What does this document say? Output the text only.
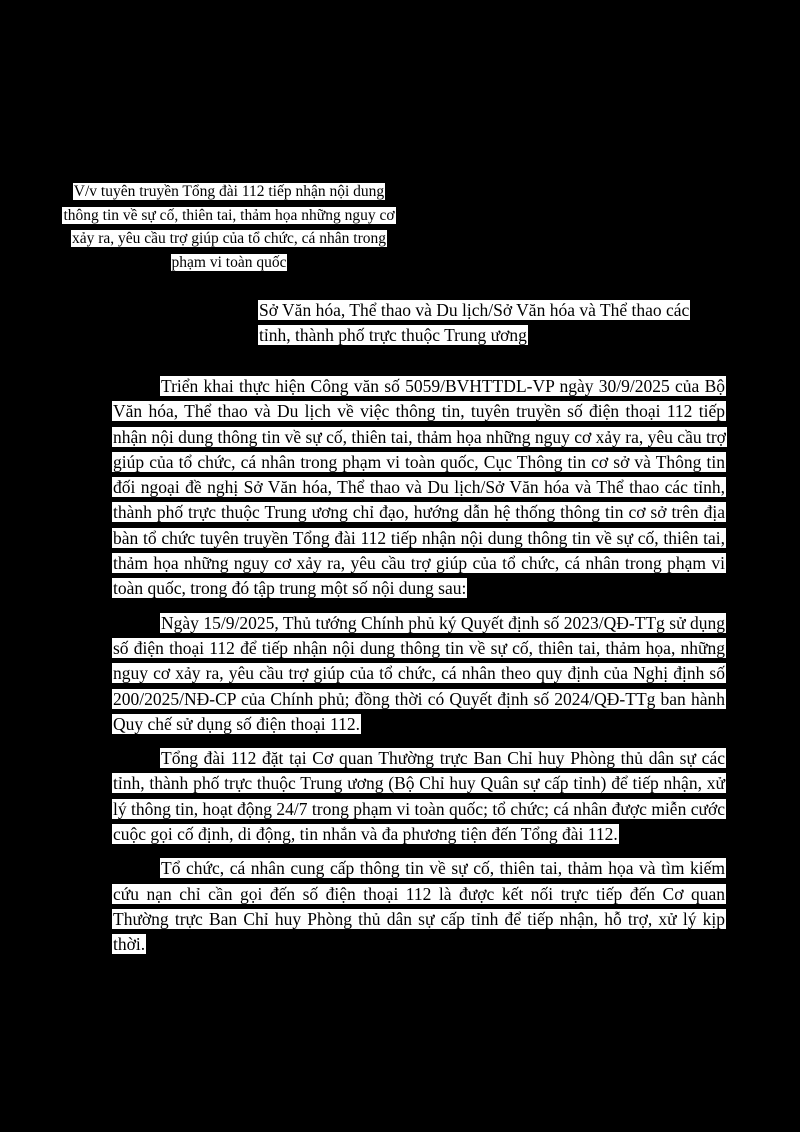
V/v tuyên truyền Tổng đài 112 tiếp nhận nội dung thông tin về sự cố, thiên tai, thảm họa những nguy cơ xảy ra, yêu cầu trợ giúp của tổ chức, cá nhân trong phạm vi toàn quốc
Sở Văn hóa, Thể thao và Du lịch/Sở Văn hóa và Thể thao các tỉnh, thành phố trực thuộc Trung ương

Triển khai thực hiện Công văn số 5059/BVHTTDL-VP ngày 30/9/2025 của Bộ Văn hóa, Thể thao và Du lịch về việc thông tin, tuyên truyền số điện thoại 112 tiếp nhận nội dung thông tin về sự cố, thiên tai, thảm họa những nguy cơ xảy ra, yêu cầu trợ giúp của tổ chức, cá nhân trong phạm vi toàn quốc, Cục Thông tin cơ sở và Thông tin đối ngoại đề nghị Sở Văn hóa, Thể thao và Du lịch/Sở Văn hóa và Thể thao các tỉnh, thành phố trực thuộc Trung ương chỉ đạo, hướng dẫn hệ thống thông tin cơ sở trên địa bàn tổ chức tuyên truyền Tổng đài 112 tiếp nhận nội dung thông tin về sự cố, thiên tai, thảm họa những nguy cơ xảy ra, yêu cầu trợ giúp của tổ chức, cá nhân trong phạm vi toàn quốc, trong đó tập trung một số nội dung sau:

Ngày 15/9/2025, Thủ tướng Chính phủ ký Quyết định số 2023/QĐ-TTg sử dụng số điện thoại 112 để tiếp nhận nội dung thông tin về sự cố, thiên tai, thảm họa, những nguy cơ xảy ra, yêu cầu trợ giúp của tổ chức, cá nhân theo quy định của Nghị định số 200/2025/NĐ-CP của Chính phủ; đồng thời có Quyết định số 2024/QĐ-TTg ban hành Quy chế sử dụng số điện thoại 112.

Tổng đài 112 đặt tại Cơ quan Thường trực Ban Chỉ huy Phòng thủ dân sự các tỉnh, thành phố trực thuộc Trung ương (Bộ Chỉ huy Quân sự cấp tỉnh) để tiếp nhận, xử lý thông tin, hoạt động 24/7 trong phạm vi toàn quốc; tổ chức; cá nhân được miễn cước cuộc gọi cố định, di động, tin nhắn và đa phương tiện đến Tổng đài 112.

Tổ chức, cá nhân cung cấp thông tin về sự cố, thiên tai, thảm họa và tìm kiếm cứu nạn chỉ cần gọi đến số điện thoại 112 là được kết nối trực tiếp đến Cơ quan Thường trực Ban Chỉ huy Phòng thủ dân sự cấp tỉnh để tiếp nhận, hỗ trợ, xử lý kịp thời.
